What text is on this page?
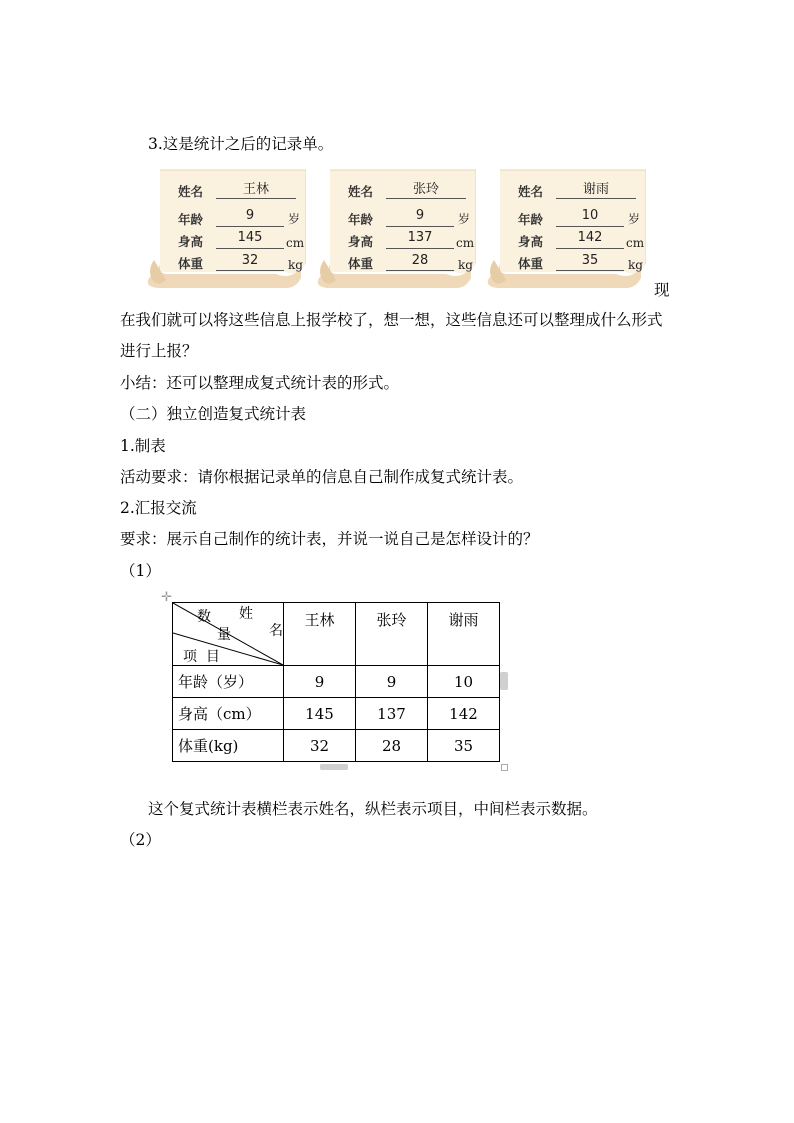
3.这是统计之后的记录单。
姓名	王林
年龄	9	岁
身高	145	cm
体重	32	kg
姓名	张玲
年龄	9	岁
身高	137	cm
体重	28	kg
姓名	谢雨
年龄	10	岁
身高	142	cm
体重	35	kg
现
在我们就可以将这些信息上报学校了，想一想，这些信息还可以整理成什么形式
进行上报？
小结：还可以整理成复式统计表的形式。
（二）独立创造复式统计表
1.制表
活动要求：请你根据记录单的信息自己制作成复式统计表。
2.汇报交流
要求：展示自己制作的统计表，并说一说自己是怎样设计的？
（1）
✛
数 姓
名
量
项  目	王林	张玲	谢雨
年龄（岁）	9	9	10
身高（cm）	145	137	142
体重(kg)	32	28	35
这个复式统计表横栏表示姓名，纵栏表示项目，中间栏表示数据。
（2）
